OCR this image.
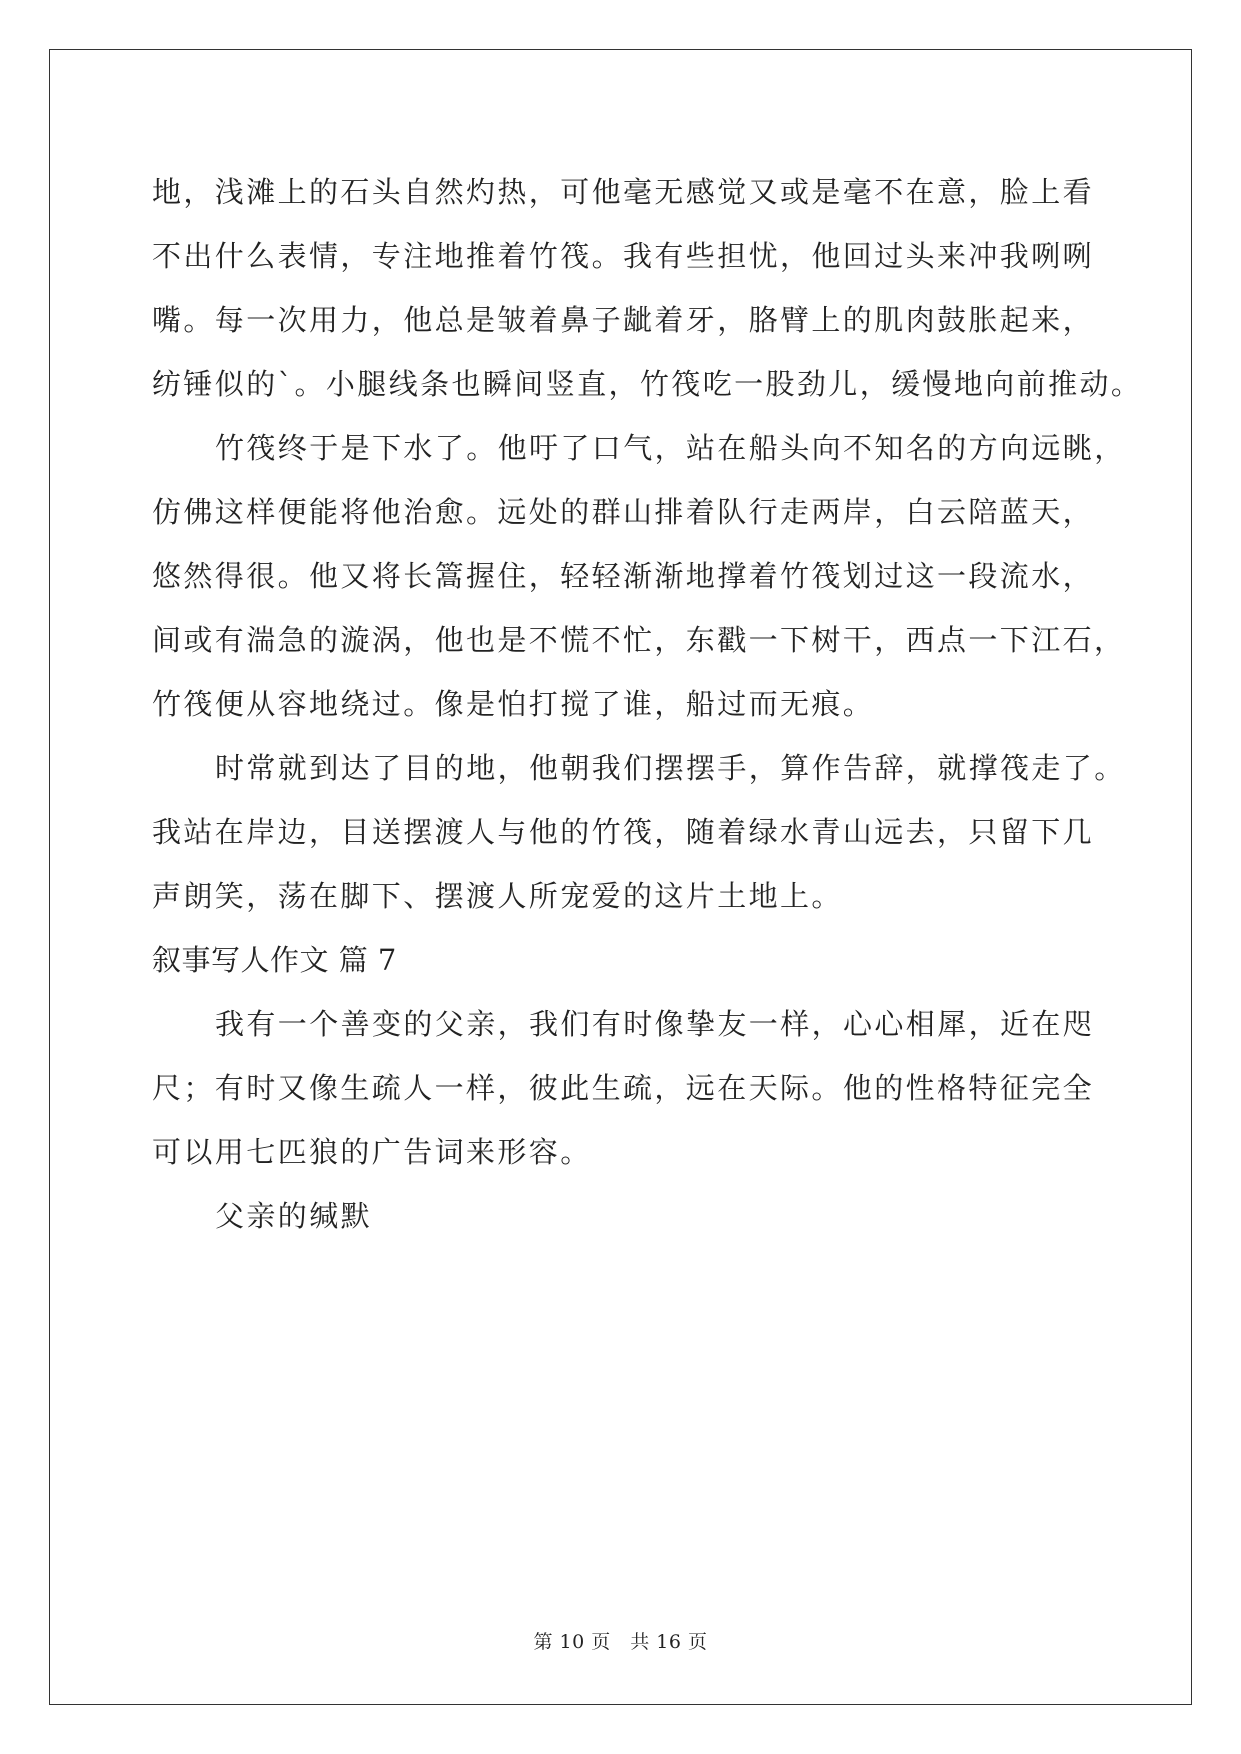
地，浅滩上的石头自然灼热，可他毫无感觉又或是毫不在意，脸上看
不出什么表情，专注地推着竹筏。我有些担忧，他回过头来冲我咧咧
嘴。每一次用力，他总是皱着鼻子龇着牙，胳臂上的肌肉鼓胀起来，
纺锤似的`。小腿线条也瞬间竖直，竹筏吃一股劲儿，缓慢地向前推动。
竹筏终于是下水了。他吁了口气，站在船头向不知名的方向远眺，
仿佛这样便能将他治愈。远处的群山排着队行走两岸，白云陪蓝天，
悠然得很。他又将长篙握住，轻轻渐渐地撑着竹筏划过这一段流水，
间或有湍急的漩涡，他也是不慌不忙，东戳一下树干，西点一下江石，
竹筏便从容地绕过。像是怕打搅了谁，船过而无痕。
时常就到达了目的地，他朝我们摆摆手，算作告辞，就撑筏走了。
我站在岸边，目送摆渡人与他的竹筏，随着绿水青山远去，只留下几
声朗笑，荡在脚下、摆渡人所宠爱的这片土地上。
叙事写人作文 篇 7
我有一个善变的父亲，我们有时像挚友一样，心心相犀，近在咫
尺；有时又像生疏人一样，彼此生疏，远在天际。他的性格特征完全
可以用七匹狼的广告词来形容。
父亲的缄默
第 10 页　共 16 页
